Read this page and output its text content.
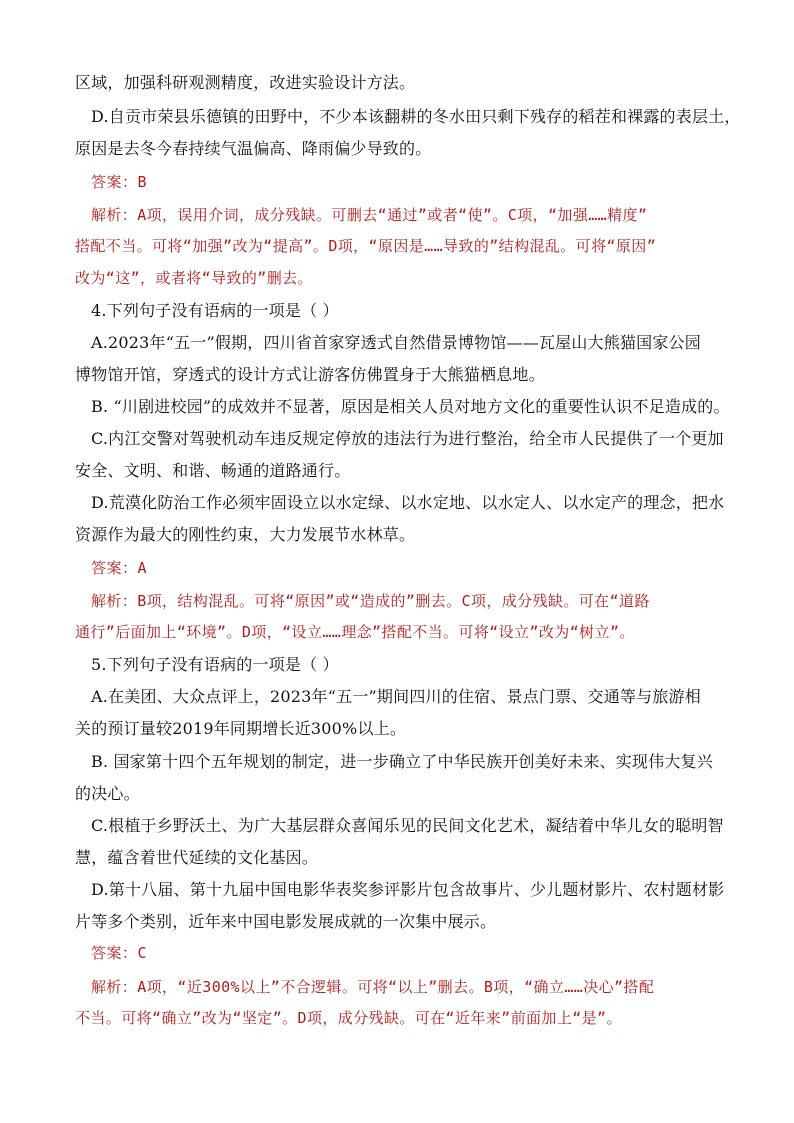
区域，加强科研观测精度，改进实验设计方法。
D.自贡市荣县乐德镇的田野中，不少本该翻耕的冬水田只剩下残存的稻茬和裸露的表层土，
原因是去冬今春持续气温偏高、降雨偏少导致的。
答案：B
解析：A项，误用介词，成分残缺。可删去“通过”或者“使”。C项，“加强……精度”
搭配不当。可将“加强”改为“提高”。D项，“原因是……导致的”结构混乱。可将“原因”
改为“这”，或者将“导致的”删去。
4.下列句子没有语病的一项是（ ）
A.2023年“五一”假期，四川省首家穿透式自然借景博物馆——瓦屋山大熊猫国家公园
博物馆开馆，穿透式的设计方式让游客仿佛置身于大熊猫栖息地。
B. “川剧进校园”的成效并不显著，原因是相关人员对地方文化的重要性认识不足造成的。
C.内江交警对驾驶机动车违反规定停放的违法行为进行整治，给全市人民提供了一个更加
安全、文明、和谐、畅通的道路通行。
D.荒漠化防治工作必须牢固设立以水定绿、以水定地、以水定人、以水定产的理念，把水
资源作为最大的刚性约束，大力发展节水林草。
答案：A
解析：B项，结构混乱。可将“原因”或“造成的”删去。C项，成分残缺。可在“道路
通行”后面加上“环境”。D项，“设立……理念”搭配不当。可将“设立”改为“树立”。
5.下列句子没有语病的一项是（ ）
A.在美团、大众点评上，2023年“五一”期间四川的住宿、景点门票、交通等与旅游相
关的预订量较2019年同期增长近300%以上。
B. 国家第十四个五年规划的制定，进一步确立了中华民族开创美好未来、实现伟大复兴
的决心。
C.根植于乡野沃土、为广大基层群众喜闻乐见的民间文化艺术，凝结着中华儿女的聪明智
慧，蕴含着世代延续的文化基因。
D.第十八届、第十九届中国电影华表奖参评影片包含故事片、少儿题材影片、农村题材影
片等多个类别，近年来中国电影发展成就的一次集中展示。
答案：C
解析：A项，“近300%以上”不合逻辑。可将“以上”删去。B项，“确立……决心”搭配
不当。可将“确立”改为“坚定”。D项，成分残缺。可在“近年来”前面加上“是”。
